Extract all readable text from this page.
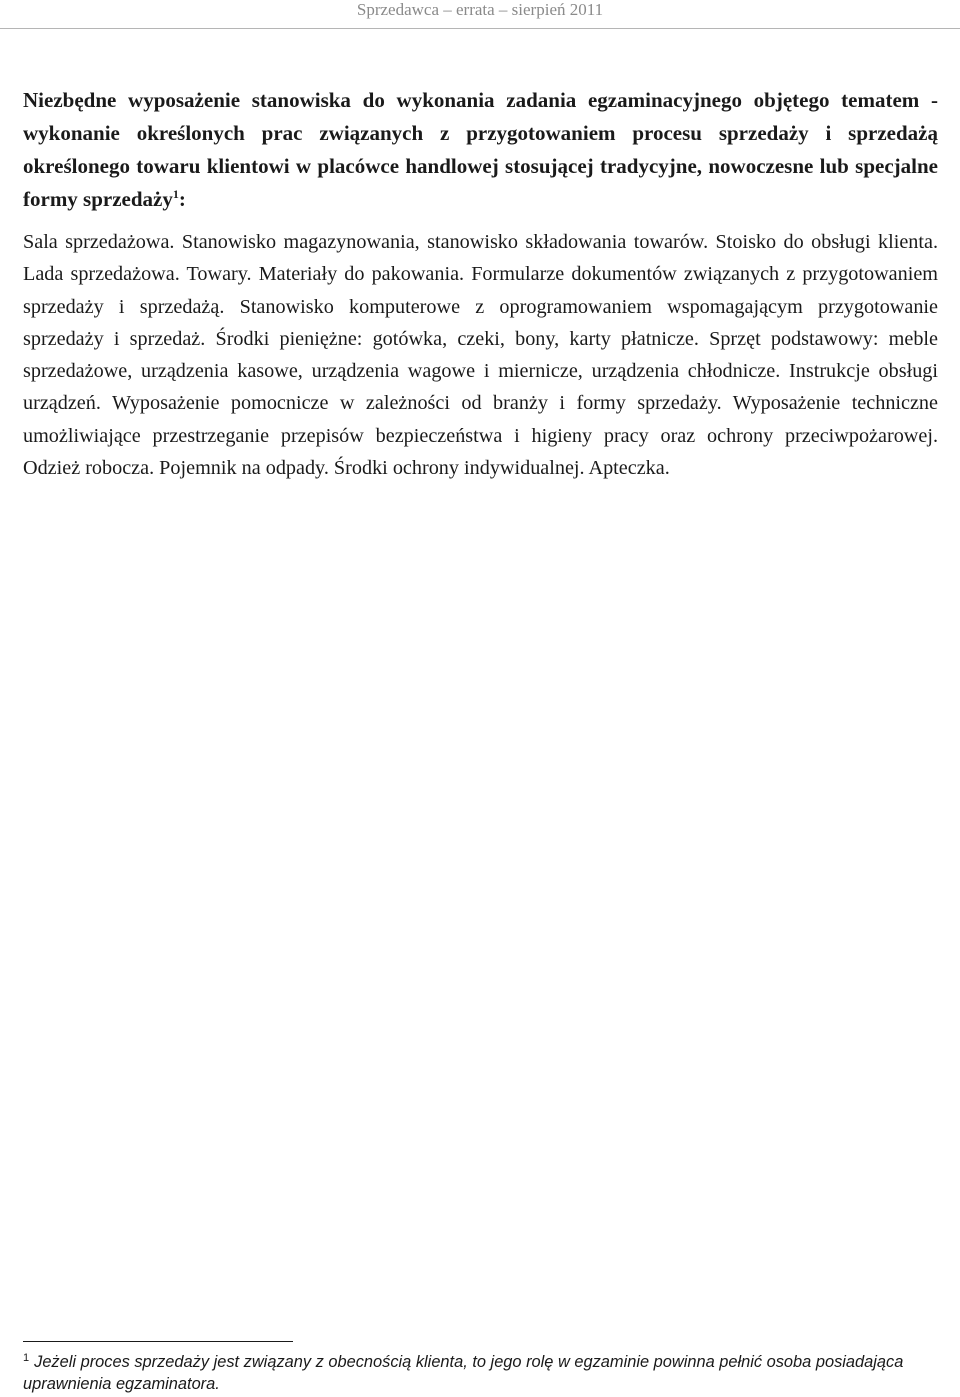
Sprzedawca – errata – sierpień 2011

Niezbędne wyposażenie stanowiska do wykonania zadania egzaminacyjnego objętego tematem - wykonanie określonych prac związanych z przygotowaniem procesu sprzedaży i sprzedażą określonego towaru klientowi w placówce handlowej stosującej tradycyjne, nowoczesne lub specjalne formy sprzedaży$^1$:

Sala sprzedażowa. Stanowisko magazynowania, stanowisko składowania towarów. Stoisko do obsługi klienta. Lada sprzedażowa. Towary. Materiały do pakowania. Formularze dokumentów związanych z przygotowaniem sprzedaży i sprzedażą. Stanowisko komputerowe z oprogramowaniem wspomagającym przygotowanie sprzedaży i sprzedaż. Środki pieniężne: gotówka, czeki, bony, karty płatnicze. Sprzęt podstawowy: meble sprzedażowe, urządzenia kasowe, urządzenia wagowe i miernicze, urządzenia chłodnicze. Instrukcje obsługi urządzeń. Wyposażenie pomocnicze w zależności od branży i formy sprzedaży. Wyposażenie techniczne umożliwiające przestrzeganie przepisów bezpieczeństwa i higieny pracy oraz ochrony przeciwpożarowej. Odzież robocza. Pojemnik na odpady. Środki ochrony indywidualnej. Apteczka.

$^1$ Jeżeli proces sprzedaży jest związany z obecnością klienta, to jego rolę w egzaminie powinna pełnić osoba posiadająca uprawnienia egzaminatora.
